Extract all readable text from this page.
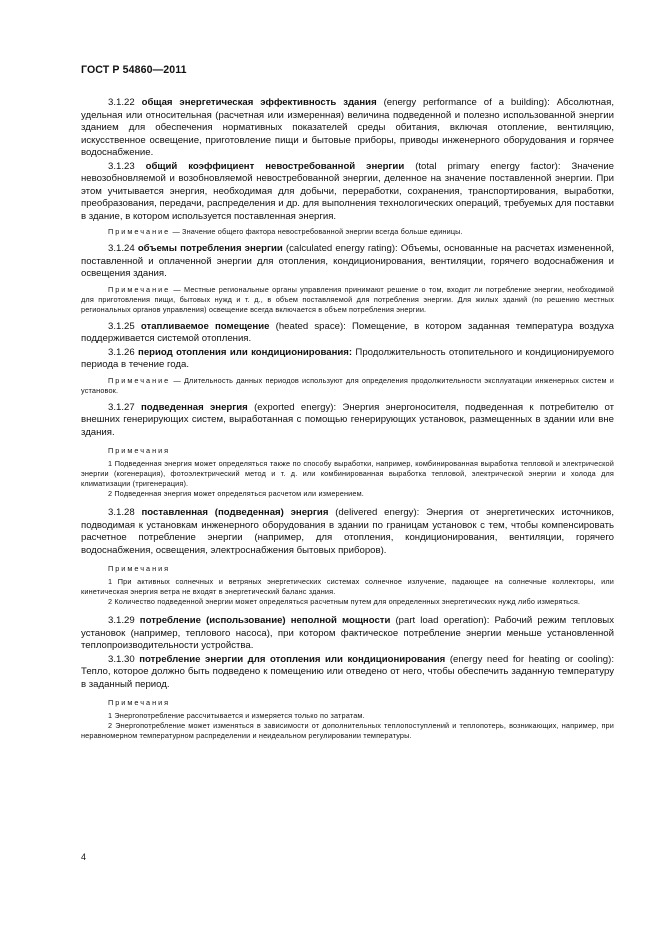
ГОСТ Р 54860—2011

3.1.22 общая энергетическая эффективность здания (energy performance of a building): Абсолютная, удельная или относительная (расчетная или измеренная) величина подведенной и полезно использованной энергии зданием для обеспечения нормативных показателей среды обитания, включая отопление, вентиляцию, искусственное освещение, приготовление пищи и бытовые приборы, приводы инженерного оборудования и горячее водоснабжение.

3.1.23 общий коэффициент невостребованной энергии (total primary energy factor): Значение невозобновляемой и возобновляемой невостребованной энергии, деленное на значение поставленной энергии. При этом учитывается энергия, необходимая для добычи, переработки, сохранения, транспортирования, выработки, преобразования, передачи, распределения и др. для выполнения технологических операций, требуемых для поставки в здание, в котором используется поставленная энергия.

Примечание — Значение общего фактора невостребованной энергии всегда больше единицы.

3.1.24 объемы потребления энергии (calculated energy rating): Объемы, основанные на расчетах измененной, поставленной и оплаченной энергии для отопления, кондиционирования, вентиляции, горячего водоснабжения и освещения здания.

Примечание — Местные региональные органы управления принимают решение о том, входит ли потребление энергии, необходимой для приготовления пищи, бытовых нужд и т. д., в объем поставляемой для потребления энергии. Для жилых зданий (по решению местных региональных органов управления) освещение всегда включается в объем потребления энергии.

3.1.25 отапливаемое помещение (heated space): Помещение, в котором заданная температура воздуха поддерживается системой отопления.

3.1.26 период отопления или кондиционирования: Продолжительность отопительного и кондиционируемого периода в течение года.

Примечание — Длительность данных периодов используют для определения продолжительности эксплуатации инженерных систем и установок.

3.1.27 подведенная энергия (exported energy): Энергия энергоносителя, подведенная к потребителю от внешних генерирующих систем, выработанная с помощью генерирующих установок, размещенных в здании или вне здания.

Примечания

1 Подведенная энергия может определяться также по способу выработки, например, комбинированная выработка тепловой и электрической энергии (когенерация), фотоэлектрический метод и т. д. или комбинированная выработка тепловой, электрической энергии и холода для климатизации (тригенерация).

2 Подведенная энергия может определяться расчетом или измерением.

3.1.28 поставленная (подведенная) энергия (delivered energy): Энергия от энергетических источников, подводимая к установкам инженерного оборудования в здании по границам установок с тем, чтобы компенсировать расчетное потребление энергии (например, для отопления, кондиционирования, вентиляции, горячего водоснабжения, освещения, электроснабжения бытовых приборов).

Примечания

1 При активных солнечных и ветряных энергетических системах солнечное излучение, падающее на солнечные коллекторы, или кинетическая энергия ветра не входят в энергетический баланс здания.

2 Количество подведенной энергии может определяться расчетным путем для определенных энергетических нужд либо измеряться.

3.1.29 потребление (использование) неполной мощности (part load operation): Рабочий режим тепловых установок (например, теплового насоса), при котором фактическое потребление энергии меньше установленной теплопроизводительности устройства.

3.1.30 потребление энергии для отопления или кондиционирования (energy need for heating or cooling): Тепло, которое должно быть подведено к помещению или отведено от него, чтобы обеспечить заданную температуру в заданный период.

Примечания

1 Энергопотребление рассчитывается и измеряется только по затратам.

2 Энергопотребление может изменяться в зависимости от дополнительных теплопоступлений и теплопотерь, возникающих, например, при неравномерном температурном распределении и неидеальном регулировании температуры.

4
